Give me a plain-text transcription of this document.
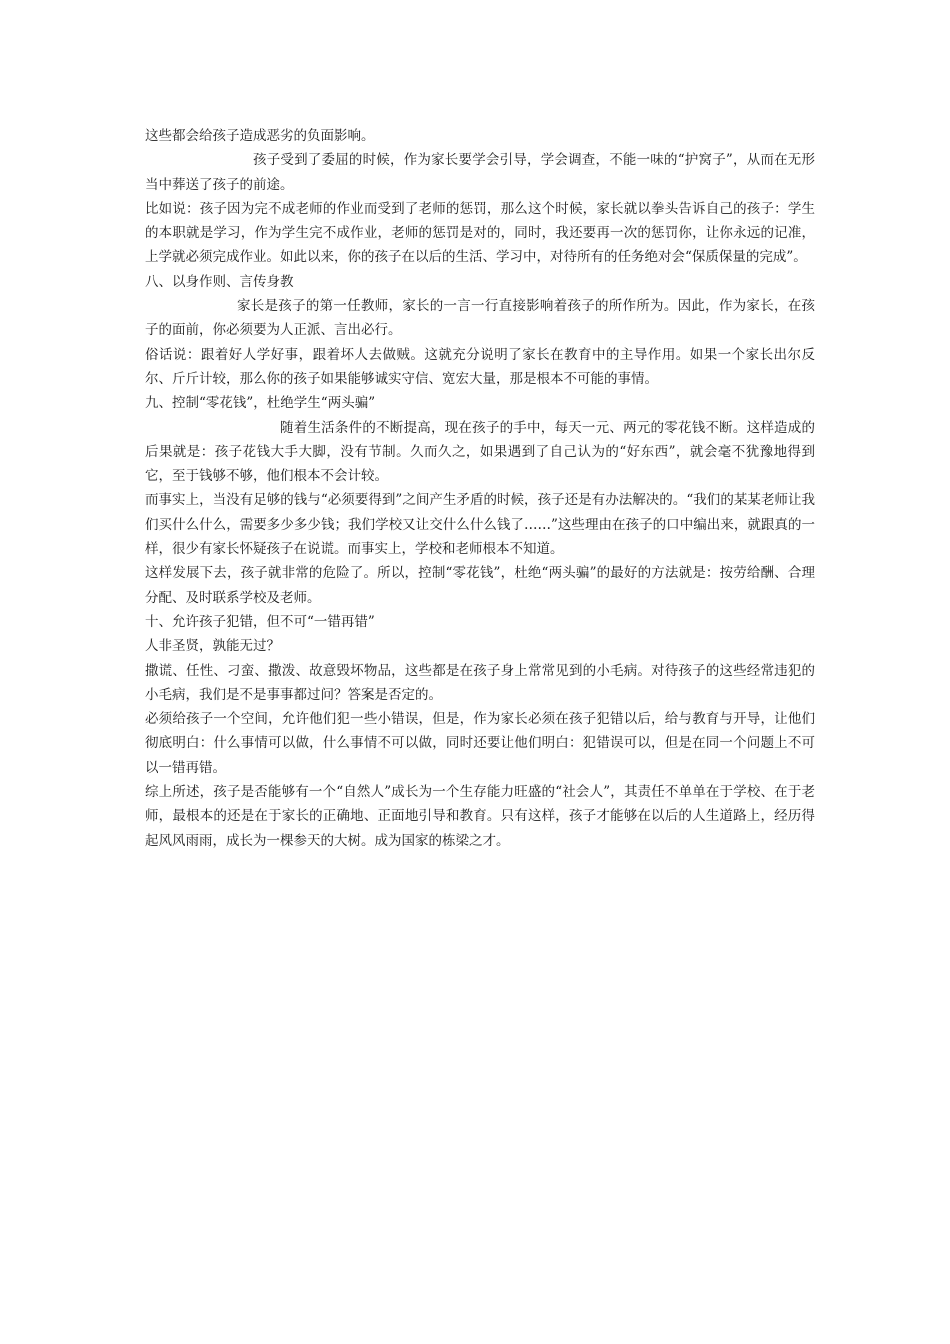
这些都会给孩子造成恶劣的负面影响。

孩子受到了委屈的时候，作为家长要学会引导，学会调查，不能一味的“护窝子”，从而在无形当中葬送了孩子的前途。

比如说：孩子因为完不成老师的作业而受到了老师的惩罚，那么这个时候，家长就以拳头告诉自己的孩子：学生的本职就是学习，作为学生完不成作业，老师的惩罚是对的，同时，我还要再一次的惩罚你，让你永远的记准，上学就必须完成作业。如此以来，你的孩子在以后的生活、学习中，对待所有的任务绝对会“保质保量的完成”。

八、以身作则、言传身教

家长是孩子的第一任教师，家长的一言一行直接影响着孩子的所作所为。因此，作为家长，在孩子的面前，你必须要为人正派、言出必行。

俗话说：跟着好人学好事，跟着坏人去做贼。这就充分说明了家长在教育中的主导作用。如果一个家长出尔反尔、斤斤计较，那么你的孩子如果能够诚实守信、宽宏大量，那是根本不可能的事情。

九、控制“零花钱”，杜绝学生“两头骗”

随着生活条件的不断提高，现在孩子的手中，每天一元、两元的零花钱不断。这样造成的后果就是：孩子花钱大手大脚，没有节制。久而久之，如果遇到了自己认为的“好东西”，就会毫不犹豫地得到它，至于钱够不够，他们根本不会计较。

而事实上，当没有足够的钱与“必须要得到”之间产生矛盾的时候，孩子还是有办法解决的。“我们的某某老师让我们买什么什么，需要多少多少钱；我们学校又让交什么什么钱了……”这些理由在孩子的口中编出来，就跟真的一样，很少有家长怀疑孩子在说谎。而事实上，学校和老师根本不知道。

这样发展下去，孩子就非常的危险了。所以，控制“零花钱”，杜绝“两头骗”的最好的方法就是：按劳给酬、合理分配、及时联系学校及老师。

十、允许孩子犯错，但不可“一错再错”

人非圣贤，孰能无过？

撒谎、任性、刁蛮、撒泼、故意毁坏物品，这些都是在孩子身上常常见到的小毛病。对待孩子的这些经常违犯的小毛病，我们是不是事事都过问？答案是否定的。

必须给孩子一个空间，允许他们犯一些小错误，但是，作为家长必须在孩子犯错以后，给与教育与开导，让他们彻底明白：什么事情可以做，什么事情不可以做，同时还要让他们明白：犯错误可以，但是在同一个问题上不可以一错再错。

综上所述，孩子是否能够有一个“自然人”成长为一个生存能力旺盛的“社会人”，其责任不单单在于学校、在于老师，最根本的还是在于家长的正确地、正面地引导和教育。只有这样，孩子才能够在以后的人生道路上，经历得起风风雨雨，成长为一棵参天的大树。成为国家的栋梁之才。
